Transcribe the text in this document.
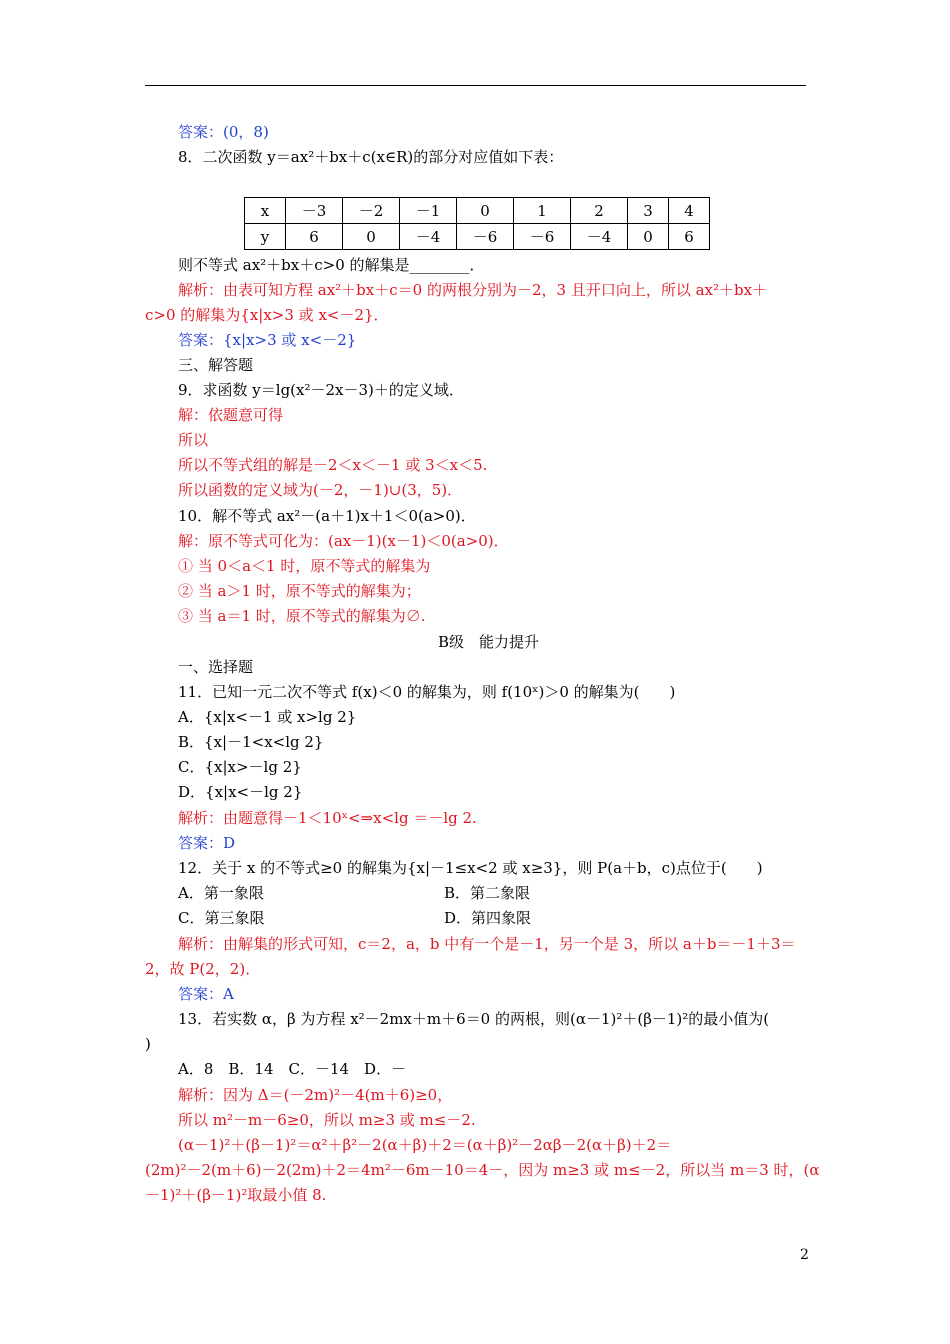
答案：(0，8)
8．二次函数 y＝ax²＋bx＋c(x∈R)的部分对应值如下表：
x	－3	－2	－1	0	1	2	3	4
y	6	0	－4	－6	－6	－4	0	6
则不等式 ax²＋bx＋c>0 的解集是________．
解析：由表可知方程 ax²＋bx＋c＝0 的两根分别为－2，3 且开口向上，所以 ax²＋bx＋
c>0 的解集为{x|x>3 或 x<－2}．
答案：{x|x>3 或 x<－2}
三、解答题
9．求函数 y＝lg(x²－2x－3)＋的定义域．
解：依题意可得
所以
所以不等式组的解是－2＜x＜－1 或 3＜x＜5.
所以函数的定义域为(－2，－1)∪(3，5)．
10．解不等式 ax²－(a＋1)x＋1＜0(a>0)．
解：原不等式可化为：(ax－1)(x－1)＜0(a>0)．
① 当 0＜a＜1 时，原不等式的解集为
② 当 a＞1 时，原不等式的解集为；
③ 当 a＝1 时，原不等式的解集为∅.
B级　能力提升
一、选择题
11．已知一元二次不等式 f(x)＜0 的解集为，则 f(10ˣ)＞0 的解集为(　　)
A．{x|x<－1 或 x>lg 2}
B．{x|－1<x<lg 2}
C．{x|x>－lg 2}
D．{x|x<－lg 2}
解析：由题意得－1＜10ˣ<⇒x<lg ＝－lg 2.
答案：D
12．关于 x 的不等式≥0 的解集为{x|－1≤x<2 或 x≥3}，则 P(a＋b，c)点位于(　　)
A．第一象限	B．第二象限
C．第三象限	D．第四象限
解析：由解集的形式可知，c＝2，a，b 中有一个是－1，另一个是 3，所以 a＋b＝－1＋3＝
2，故 P(2，2)．
答案：A
13．若实数 α，β 为方程 x²－2mx＋m＋6＝0 的两根，则(α－1)²＋(β－1)²的最小值为(
)
A．8　B．14　C．－14　D．－
解析：因为 Δ＝(－2m)²－4(m＋6)≥0，
所以 m²－m－6≥0，所以 m≥3 或 m≤－2.
(α－1)²＋(β－1)²＝α²＋β²－2(α＋β)＋2＝(α＋β)²－2αβ－2(α＋β)＋2＝
(2m)²－2(m＋6)－2(2m)＋2＝4m²－6m－10＝4－，因为 m≥3 或 m≤－2，所以当 m＝3 时，(α
－1)²＋(β－1)²取最小值 8.
2
